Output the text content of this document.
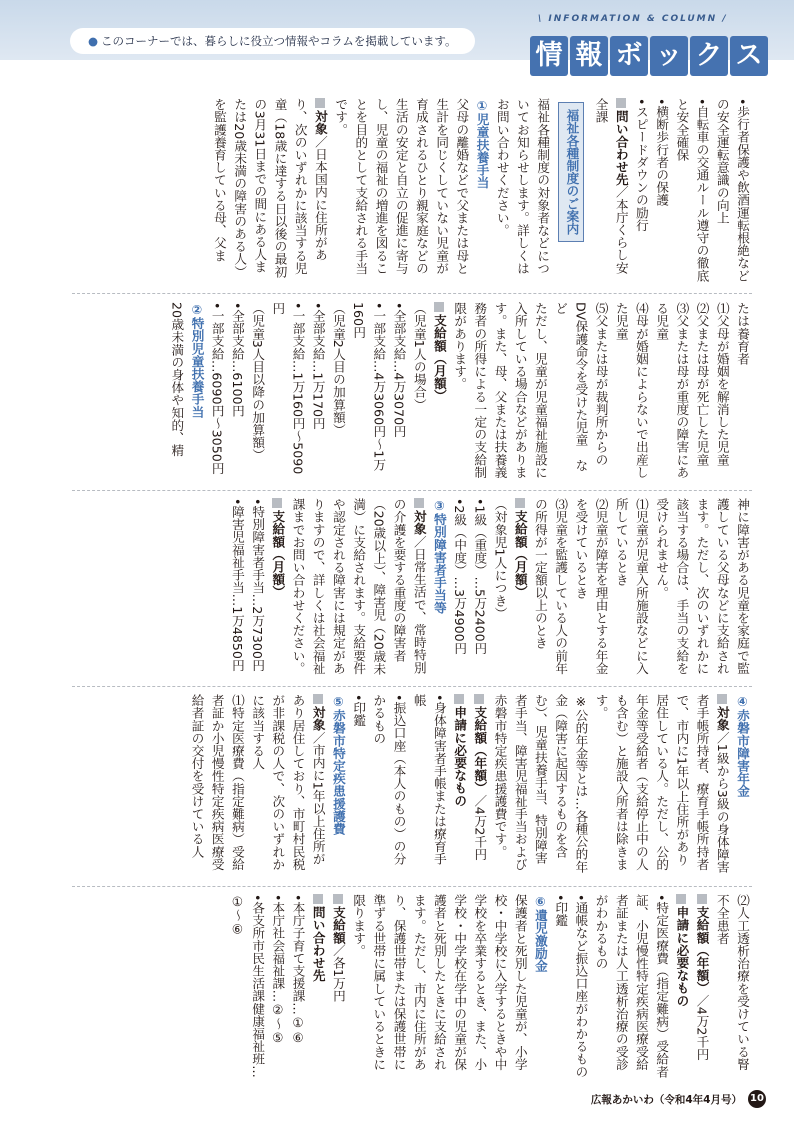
● このコーナーでは、暮らしに役立つ情報やコラムを掲載しています。
\ INFORMATION & COLUMN /
情 報 ボ ッ ク ス

•歩行者保護や飲酒運転根絶などの安全運転意識の向上

•自転車の交通ルール遵守の徹底と安全確保

•横断歩行者の保護

•スピードダウンの励行

問い合わせ先／本庁くらし安全課

福祉各種制度のご案内

福祉各種制度の対象者などについてお知らせします。詳しくはお問い合わせください。

①児童扶養手当

父母の離婚などで父または母と生計を同じくしていない児童が育成されるひとり親家庭などの生活の安定と自立の促進に寄与し、児童の福祉の増進を図ることを目的として支給される手当です。

対象／日本国内に住所があり、次のいずれかに該当する児童（18歳に達する日以後の最初の3月31日までの間にある人または20歳未満の障害のある人）を監護養育している母、父ま

たは養育者

⑴父母が婚姻を解消した児童

⑵父または母が死亡した児童

⑶父または母が重度の障害にある児童

⑷母が婚姻によらないで出産した児童

⑸父または母が裁判所からのDV保護命令を受けた児童　など

ただし、児童が児童福祉施設に入所している場合などがあります。また、母、父または扶養義務者の所得による一定の支給制限があります。

支給額（月額）

（児童1人の場合）

•全部支給…4万3070円

•一部支給…4万3060円～1万160円

（児童2人目の加算額）

•全部支給…1万170円

•一部支給…1万160円～5090円

（児童3人目以降の加算額）

•全部支給…6100円

•一部支給…6090円～3050円

②特別児童扶養手当

20歳未満の身体や知的、精

神に障害がある児童を家庭で監護している父母などに支給されます。ただし、次のいずれかに該当する場合は、手当の支給を受けられません。

⑴児童が児童入所施設などに入所しているとき

⑵児童が障害を理由とする年金を受けているとき

⑶児童を監護している人の前年の所得が一定額以上のとき

支給額（月額）

（対象児1人につき）

•1級（重度）…5万2400円

•2級（中度）…3万4900円

③特別障害者手当等

対象／日常生活で、常時特別の介護を要する重度の障害者（20歳以上）、障害児（20歳未満）に支給されます。支給要件や認定される障害には規定がありますので、詳しくは社会福祉課までお問い合わせください。

支給額（月額）

•特別障害者手当…2万7300円

•障害児福祉手当…1万4850円

④赤磐市障害年金

対象／1級から3級の身体障害者手帳所持者、療育手帳所持者で、市内に1年以上住所があり居住している人。ただし、公的年金等受給者（支給停止中の人も含む）と施設入所者は除きます。

※公的年金等とは…各種公的年金（障害に起因するものを含む）、児童扶養手当、特別障害者手当、障害児福祉手当および赤磐市特定疾患援護費です。

支給額（年額）／4万2千円

申請に必要なもの

•身体障害者手帳または療育手帳

•振込口座（本人のもの）の分かるもの

•印鑑

⑤赤磐市特定疾患援護費

対象／市内に1年以上住所があり居住しており、市町村民税が非課税の人で、次のいずれかに該当する人

⑴特定医療費（指定難病）受給者証か小児慢性特定疾病医療受給者証の交付を受けている人

⑵人工透析治療を受けている腎不全患者

支給額（年額）／4万2千円

申請に必要なもの

•特定医療費（指定難病）受給者証、小児慢性特定疾病医療受給者証または人工透析治療の受診がわかるもの

•通帳など振込口座がわかるもの

•印鑑

⑥遺児激励金

保護者と死別した児童が、小学校・中学校に入学するときや中学校を卒業するとき、また、小学校・中学校在学中の児童が保護者と死別したときに支給されます。ただし、市内に住所があり、保護世帯または保護世帯に準ずる世帯に属しているときに限ります。

支給額／各1万円

問い合わせ先

•本庁子育て支援課…①⑥

•本庁社会福祉課…②～⑤

•各支所市民生活課健康福祉班…①～⑥

広報あかいわ（令和4年4月号） 10
